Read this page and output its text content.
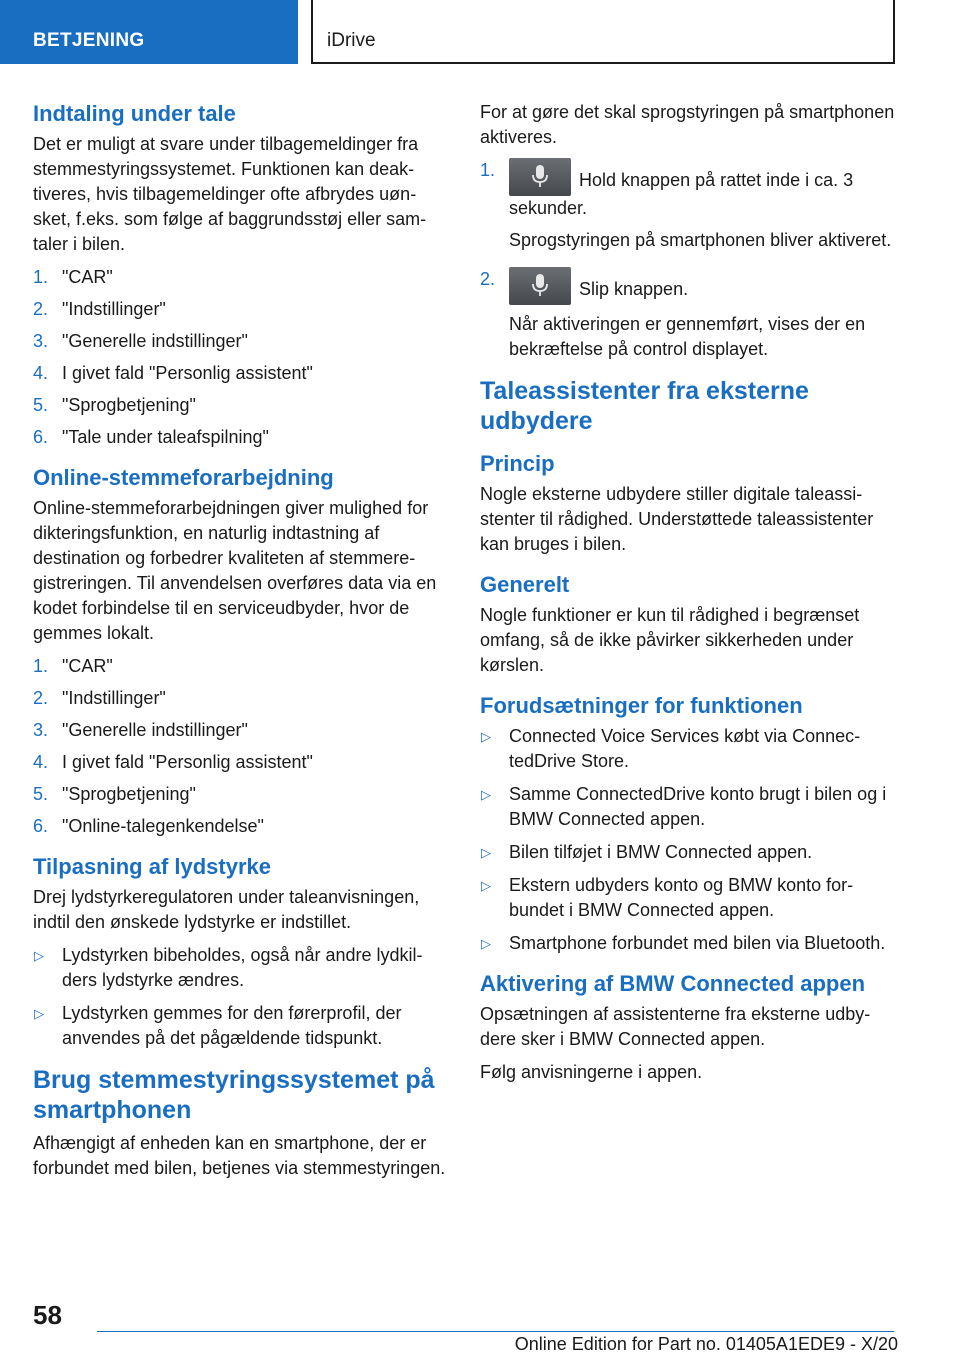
BETJENING	iDrive
Indtaling under tale

Det er muligt at svare under tilbagemeldinger fra stemmestyringssystemet. Funktionen kan deaktiveres, hvis tilbagemeldinger ofte afbrydes uønsket, f.eks. som følge af baggrundsstøj eller samtaler i bilen.

1. "CAR"
2. "Indstillinger"
3. "Generelle indstillinger"
4. I givet fald "Personlig assistent"
5. "Sprogbetjening"
6. "Tale under taleafspilning"
Online-stemmeforarbejdning

Online-stemmeforarbejdningen giver mulighed for dikteringsfunktion, en naturlig indtastning af destination og forbedrer kvaliteten af stemmeregistreringen. Til anvendelsen overføres data via en kodet forbindelse til en serviceudbyder, hvor de gemmes lokalt.

1. "CAR"
2. "Indstillinger"
3. "Generelle indstillinger"
4. I givet fald "Personlig assistent"
5. "Sprogbetjening"
6. "Online-talegenkendelse"
Tilpasning af lydstyrke

Drej lydstyrkeregulatoren under taleanvisningen, indtil den ønskede lydstyrke er indstillet.

▷ Lydstyrken bibeholdes, også når andre lydkilders lydstyrke ændres.
▷ Lydstyrken gemmes for den førerprofil, der anvendes på det pågældende tidspunkt.
Brug stemmestyringssystemet på smartphonen

Afhængigt af enheden kan en smartphone, der er forbundet med bilen, betjenes via stemmestyringen.

For at gøre det skal sprogstyringen på smartphonen aktiveres.

1.	Hold knappen på rattet inde i ca. 3 sekunder.
Sprogstyringen på smartphonen bliver aktiveret.
2.	Slip knappen.
Når aktiveringen er gennemført, vises der en bekræftelse på control displayet.
Taleassistenter fra eksterne udbydere
Princip

Nogle eksterne udbydere stiller digitale taleassistenter til rådighed. Understøttede taleassistenter kan bruges i bilen.

Generelt

Nogle funktioner er kun til rådighed i begrænset omfang, så de ikke påvirker sikkerheden under kørslen.

Forudsætninger for funktionen
▷ Connected Voice Services købt via ConnectedDrive Store.
▷ Samme ConnectedDrive konto brugt i bilen og i BMW Connected appen.
▷ Bilen tilføjet i BMW Connected appen.
▷ Ekstern udbyders konto og BMW konto forbundet i BMW Connected appen.
▷ Smartphone forbundet med bilen via Bluetooth.
Aktivering af BMW Connected appen

Opsætningen af assistenterne fra eksterne udbydere sker i BMW Connected appen.

Følg anvisningerne i appen.

58
Online Edition for Part no. 01405A1EDE9 - X/20
